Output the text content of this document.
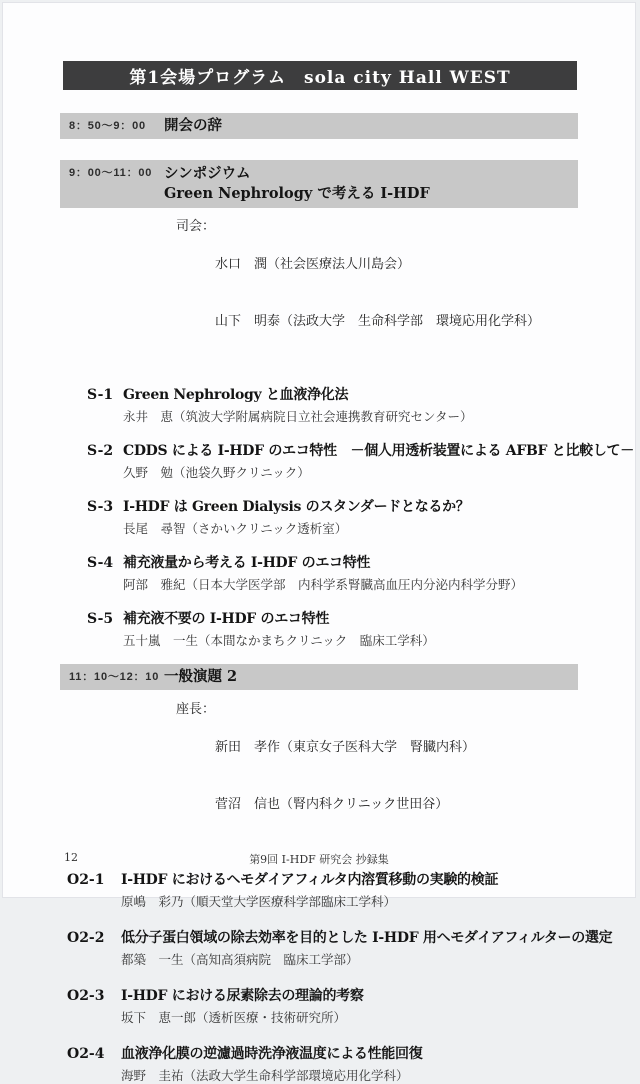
第1会場プログラム　sola city Hall WEST
8：50～9：00	開会の辞
9：00～11：00 シンポジウム
Green Nephrology で考える I-HDF
司会：

水口　潤（社会医療法人川島会）

山下　明泰（法政大学　生命科学部　環境応用化学科）

S-1 Green Nephrology と血液浄化法
永井　恵（筑波大学附属病院日立社会連携教育研究センター）
S-2 CDDS による I-HDF のエコ特性　－個人用透析装置による AFBF と比較して－
久野　勉（池袋久野クリニック）
S-3 I-HDF は Green Dialysis のスタンダードとなるか？
長尾　尋智（さかいクリニック透析室）
S-4 補充液量から考える I-HDF のエコ特性
阿部　雅紀（日本大学医学部　内科学系腎臓高血圧内分泌内科学分野）
S-5 補充液不要の I-HDF のエコ特性
五十嵐　一生（本間なかまちクリニック　臨床工学科）
11：10～12：10 一般演題 2
座長：

新田　孝作（東京女子医科大学　腎臓内科）

菅沼　信也（腎内科クリニック世田谷）

O2-1	I-HDF におけるヘモダイアフィルタ内溶質移動の実験的検証
原嶋　彩乃（順天堂大学医療科学部臨床工学科）
O2-2	低分子蛋白領域の除去効率を目的とした I-HDF 用ヘモダイアフィルターの選定
都築　一生（高知高須病院　臨床工学部）
O2-3	I-HDF における尿素除去の理論的考察
坂下　恵一郎（透析医療・技術研究所）
O2-4	血液浄化膜の逆濾過時洗浄液温度による性能回復
海野　圭祐（法政大学生命科学部環境応用化学科）
12	第9回 I-HDF 研究会 抄録集
